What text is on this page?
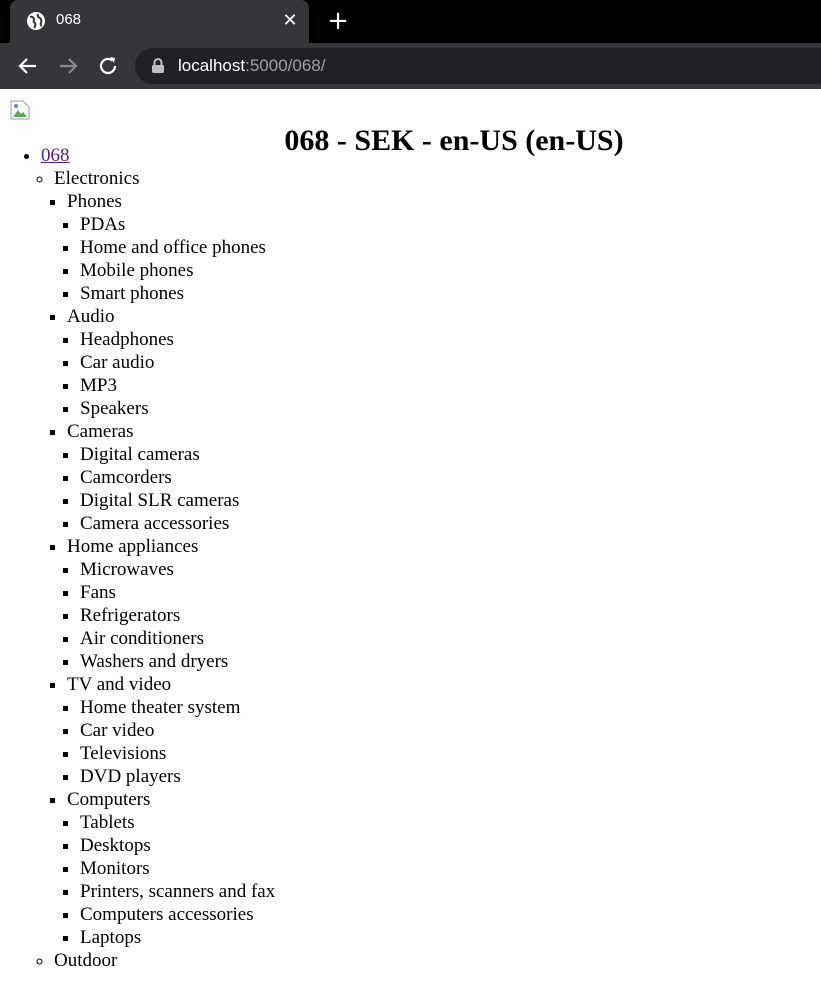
068	✕ +
localhost:5000/068/
068 - SEK - en-US (en-US)
• 068
◦ Electronics
▪ Phones
▪ PDAs
▪ Home and office phones
▪ Mobile phones
▪ Smart phones
▪ Audio
▪ Headphones
▪ Car audio
▪ MP3
▪ Speakers
▪ Cameras
▪ Digital cameras
▪ Camcorders
▪ Digital SLR cameras
▪ Camera accessories
▪ Home appliances
▪ Microwaves
▪ Fans
▪ Refrigerators
▪ Air conditioners
▪ Washers and dryers
▪ TV and video
▪ Home theater system
▪ Car video
▪ Televisions
▪ DVD players
▪ Computers
▪ Tablets
▪ Desktops
▪ Monitors
▪ Printers, scanners and fax
▪ Computers accessories
▪ Laptops
◦ Outdoor
